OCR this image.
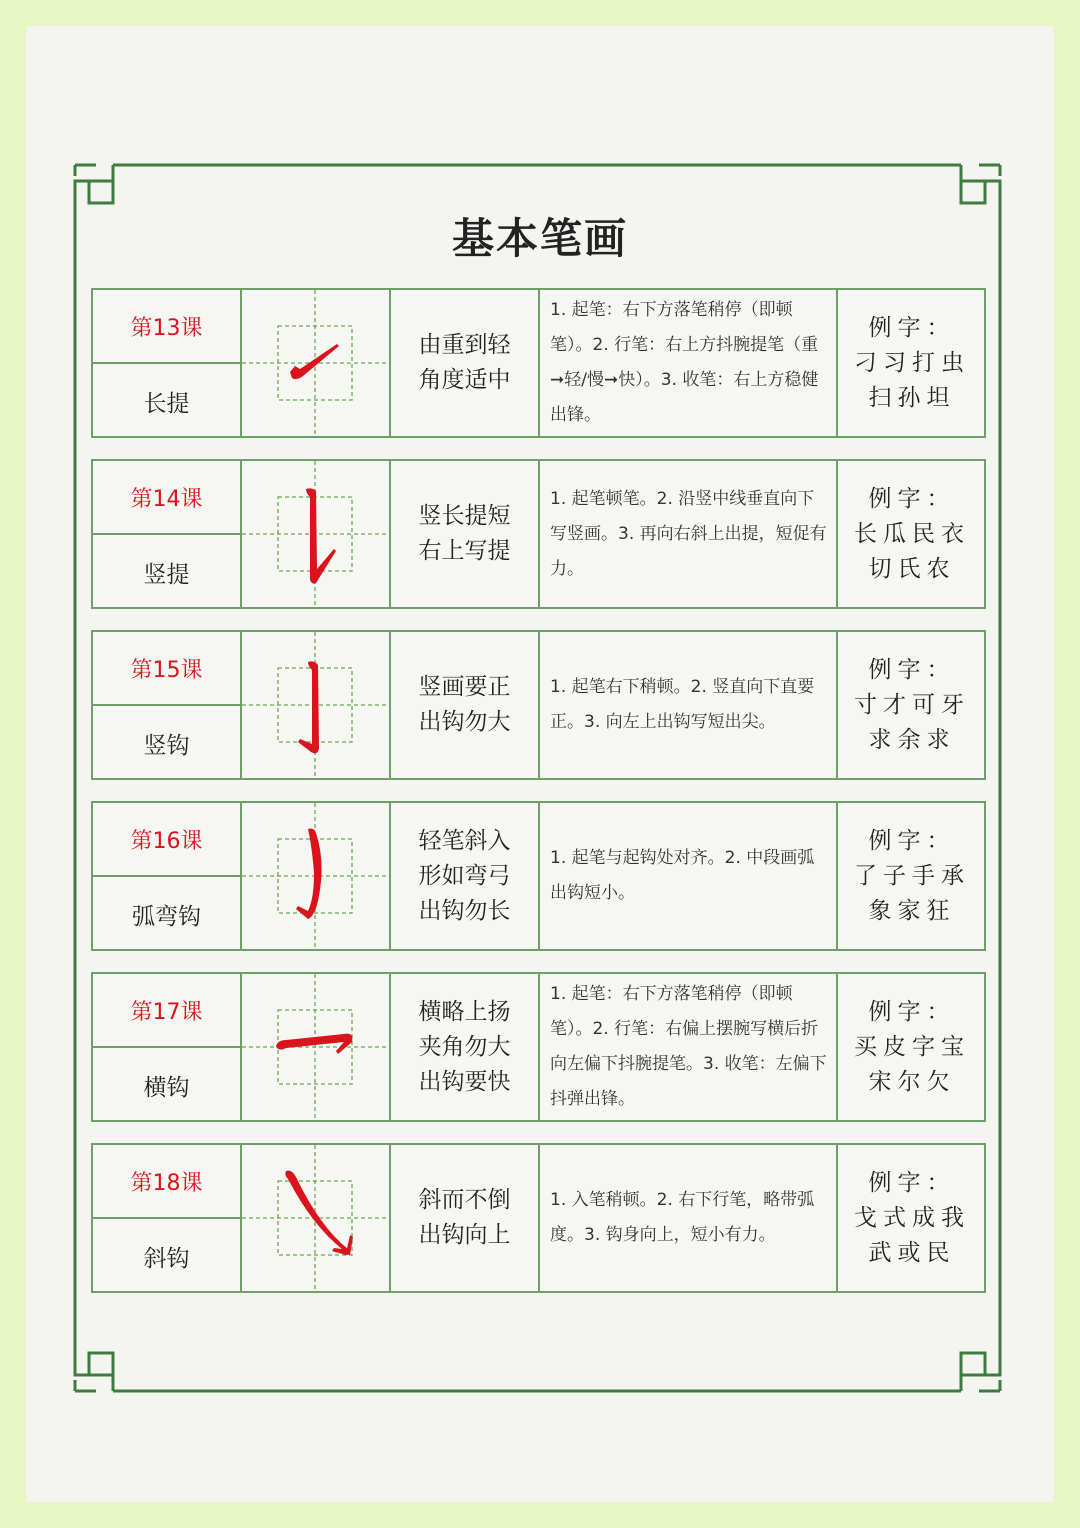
基本笔画
第13课
长提
由重到轻
角度适中
1. 起笔：右下方落笔稍停（即顿笔）。2. 行笔：右上方抖腕提笔（重➞轻/慢➞快）。3. 收笔：右上方稳健出锋。
例字：
刁习打虫
扫孙坦
第14课
竖提
竖长提短
右上写提
1. 起笔顿笔。2. 沿竖中线垂直向下写竖画。3. 再向右斜上出提，短促有力。
例字：
长瓜民衣
切氏农
第15课
竖钩
竖画要正
出钩勿大
1. 起笔右下稍顿。2. 竖直向下直要正。3. 向左上出钩写短出尖。
例字：
寸才可牙
求余求
第16课
弧弯钩
轻笔斜入
形如弯弓
出钩勿长
1. 起笔与起钩处对齐。2. 中段画弧出钩短小。
例字：
了子手承
象家狂
第17课
横钩
横略上扬
夹角勿大
出钩要快
1. 起笔：右下方落笔稍停（即顿笔）。2. 行笔：右偏上摆腕写横后折向左偏下抖腕提笔。3. 收笔：左偏下抖弹出锋。
例字：
买皮字宝
宋尔欠
第18课
斜钩
斜而不倒
出钩向上
1. 入笔稍顿。2. 右下行笔，略带弧度。3. 钩身向上，短小有力。
例字：
戈式成我
武或民
